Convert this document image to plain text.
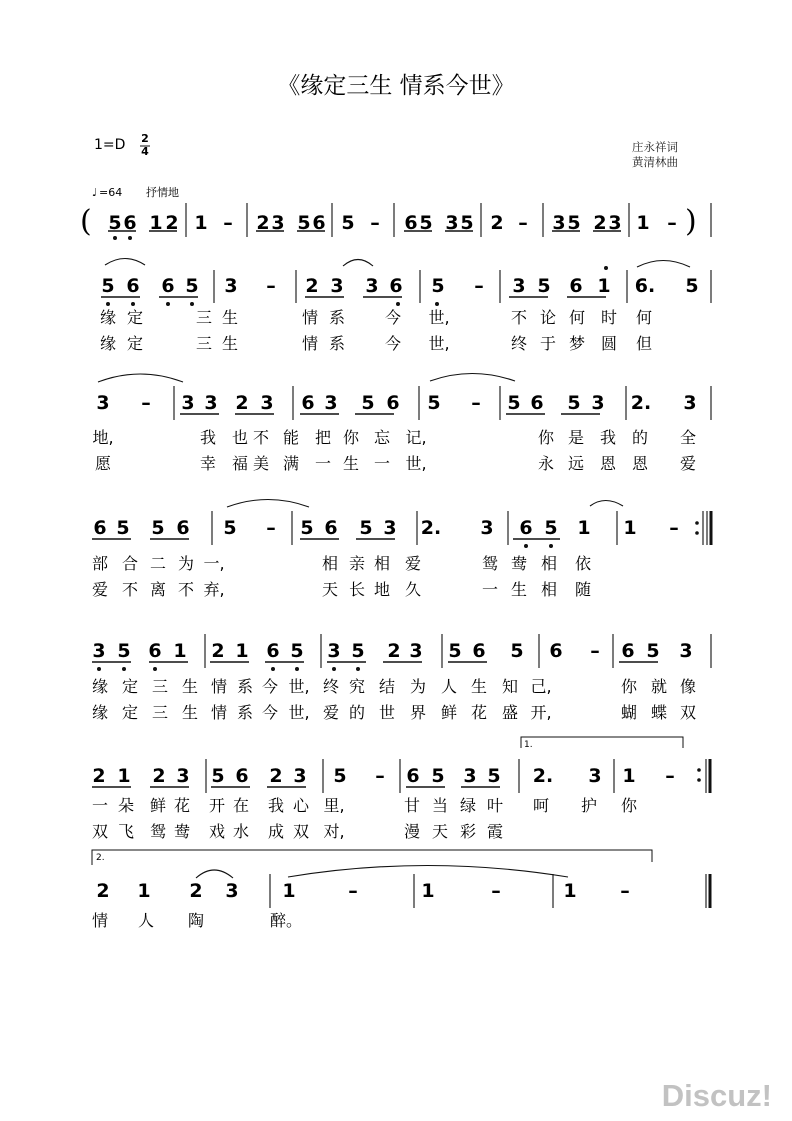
《缘定三生 情系今世》
1=D 2
4	庄永祥词
黄清林曲
♩ =64 抒情地
(	)
1.
2.
5 6 1 2 1 – 2 3 5 6 5 – 6 5 3 5 2 – 3 5 2 3 1 –
5 6 6 5 3 – 2 3 3 6 5 – 3 5 6 1 6. 5
3 – 3 3 2 3 6 3 5 6 5 – 5 6 5 3 2. 3
6 5 5 6 5 – 5 6 5 3 2. 3 6 5 1 1 –
3 5 6 1 2 1 6 5 3 5 2 3 5 6 5 6 – 6 5 3
2 1 2 3 5 6 2 3 5 – 6 5 3 5 2. 3 1 –
2 1 2 3 1	–	1	–	1 –
缘 定	三 生	情 系 今 世,	不 论 何 时 何
缘 定	三 生	情 系 今 世,	终 于 梦 圆 但
地,	我 也 不 能 把 你 忘 记,	你 是 我 的 全
愿	幸 福 美 满 一 生 一 世,	永 远 恩 恩 爱
部 合 二 为 一,	相 亲 相 爱	鸳 鸯 相 依
爱 不 离 不 弃,	天 长 地 久	一 生 相 随
缘 定 三 生 情 系 今 世, 终 究 结 为 人 生 知 己,	你 就 像
缘 定 三 生 情 系 今 世, 爱 的 世 界 鲜 花 盛 开,	蝴 蝶 双
一 朵 鲜 花 开 在 我 心 里,	甘 当 绿 叶 呵 护 你
双 飞 鸳 鸯 戏 水 成 双 对,	漫 天 彩 霞
情 人 陶	醉。
Discuz!
